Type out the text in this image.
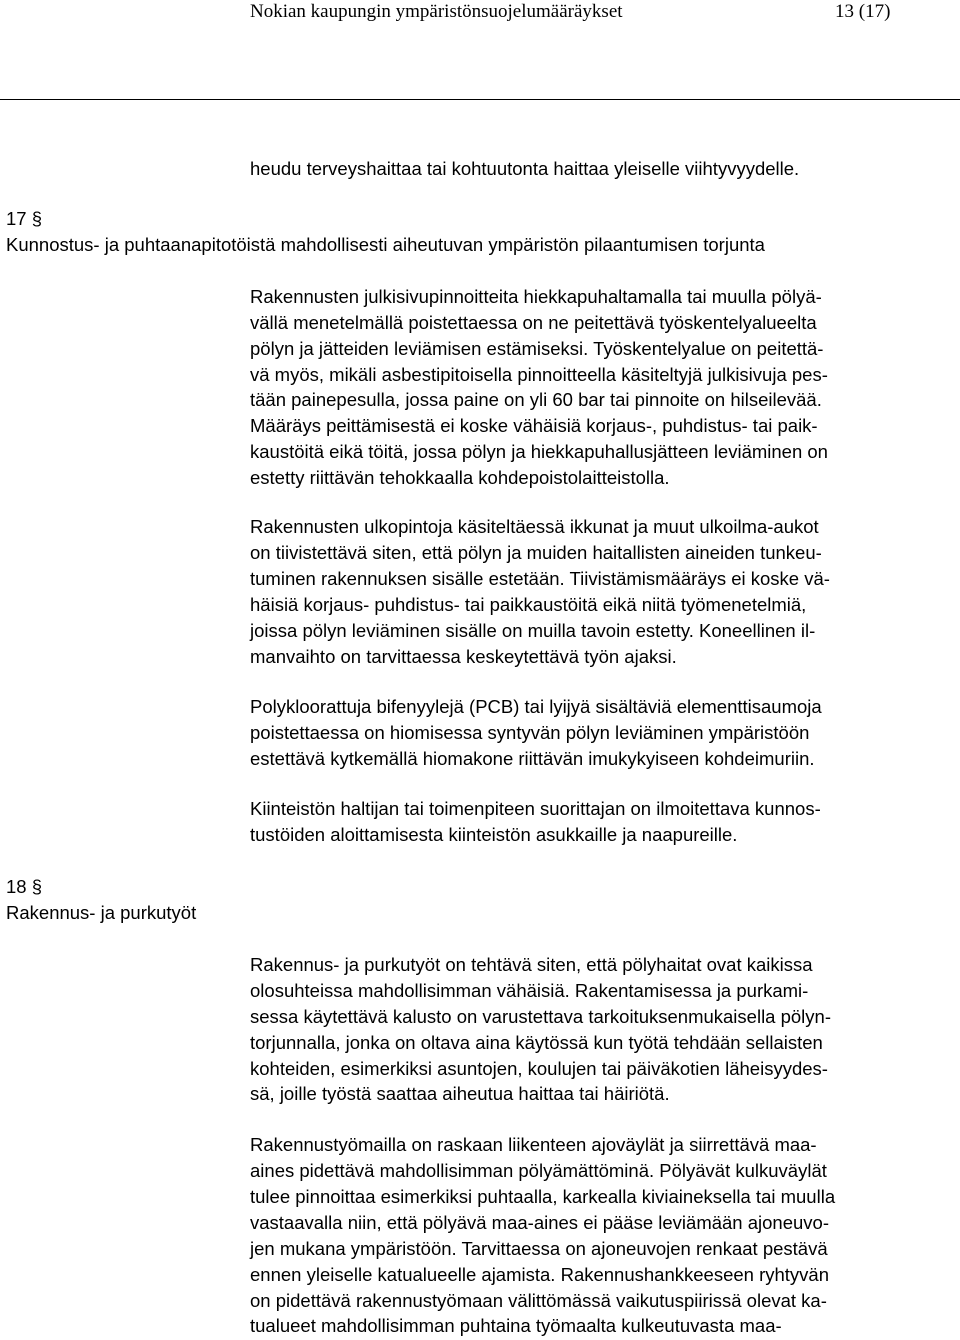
Nokian kaupungin ympäristönsuojelumääräykset	13 (17)
heudu terveyshaittaa tai kohtuutonta haittaa yleiselle viihtyvyydelle.
17 §
Kunnostus- ja puhtaanapitotöistä mahdollisesti aiheutuvan ympäristön pilaantumisen torjunta
Rakennusten julkisivupinnoitteita hiekkapuhaltamalla tai muulla pölyä-
vällä menetelmällä poistettaessa on ne peitettävä työskentelyalueelta
pölyn ja jätteiden leviämisen estämiseksi. Työskentelyalue on peitettä-
vä myös, mikäli asbestipitoisella pinnoitteella käsiteltyjä julkisivuja pes-
tään painepesulla, jossa paine on yli 60 bar tai pinnoite on hilseilevää.
Määräys peittämisestä ei koske vähäisiä korjaus-, puhdistus- tai paik-
kaustöitä eikä töitä, jossa pölyn ja hiekkapuhallusjätteen leviäminen on
estetty riittävän tehokkaalla kohdepoistolaitteistolla.
Rakennusten ulkopintoja käsiteltäessä ikkunat ja muut ulkoilma-aukot
on tiivistettävä siten, että pölyn ja muiden haitallisten aineiden tunkeu-
tuminen rakennuksen sisälle estetään. Tiivistämismääräys ei koske vä-
häisiä korjaus- puhdistus- tai paikkaustöitä eikä niitä työmenetelmiä,
joissa pölyn leviäminen sisälle on muilla tavoin estetty. Koneellinen il-
manvaihto on tarvittaessa keskeytettävä työn ajaksi.
Polykloorattuja bifenyylejä (PCB) tai lyijyä sisältäviä elementtisaumoja
poistettaessa on hiomisessa syntyvän pölyn leviäminen ympäristöön
estettävä kytkemällä hiomakone riittävän imukykyiseen kohdeimuriin.
Kiinteistön haltijan tai toimenpiteen suorittajan on ilmoitettava kunnos-
tustöiden aloittamisesta kiinteistön asukkaille ja naapureille.
18 §
Rakennus- ja purkutyöt
Rakennus- ja purkutyöt on tehtävä siten, että pölyhaitat ovat kaikissa
olosuhteissa mahdollisimman vähäisiä. Rakentamisessa ja purkami-
sessa käytettävä kalusto on varustettava tarkoituksenmukaisella pölyn-
torjunnalla, jonka on oltava aina käytössä kun työtä tehdään sellaisten
kohteiden, esimerkiksi asuntojen, koulujen tai päiväkotien läheisyydes-
sä, joille työstä saattaa aiheutua haittaa tai häiriötä.
Rakennustyömailla on raskaan liikenteen ajoväylät ja siirrettävä maa-
aines pidettävä mahdollisimman pölyämättöminä. Pölyävät kulkuväylät
tulee pinnoittaa esimerkiksi puhtaalla, karkealla kiviaineksella tai muulla
vastaavalla niin, että pölyävä maa-aines ei pääse leviämään ajoneuvo-
jen mukana ympäristöön. Tarvittaessa on ajoneuvojen renkaat pestävä
ennen yleiselle katualueelle ajamista. Rakennushankkeeseen ryhtyvän
on pidettävä rakennustyömaan välittömässä vaikutuspiirissä olevat ka-
tualueet mahdollisimman puhtaina työmaalta kulkeutuvasta maa-
